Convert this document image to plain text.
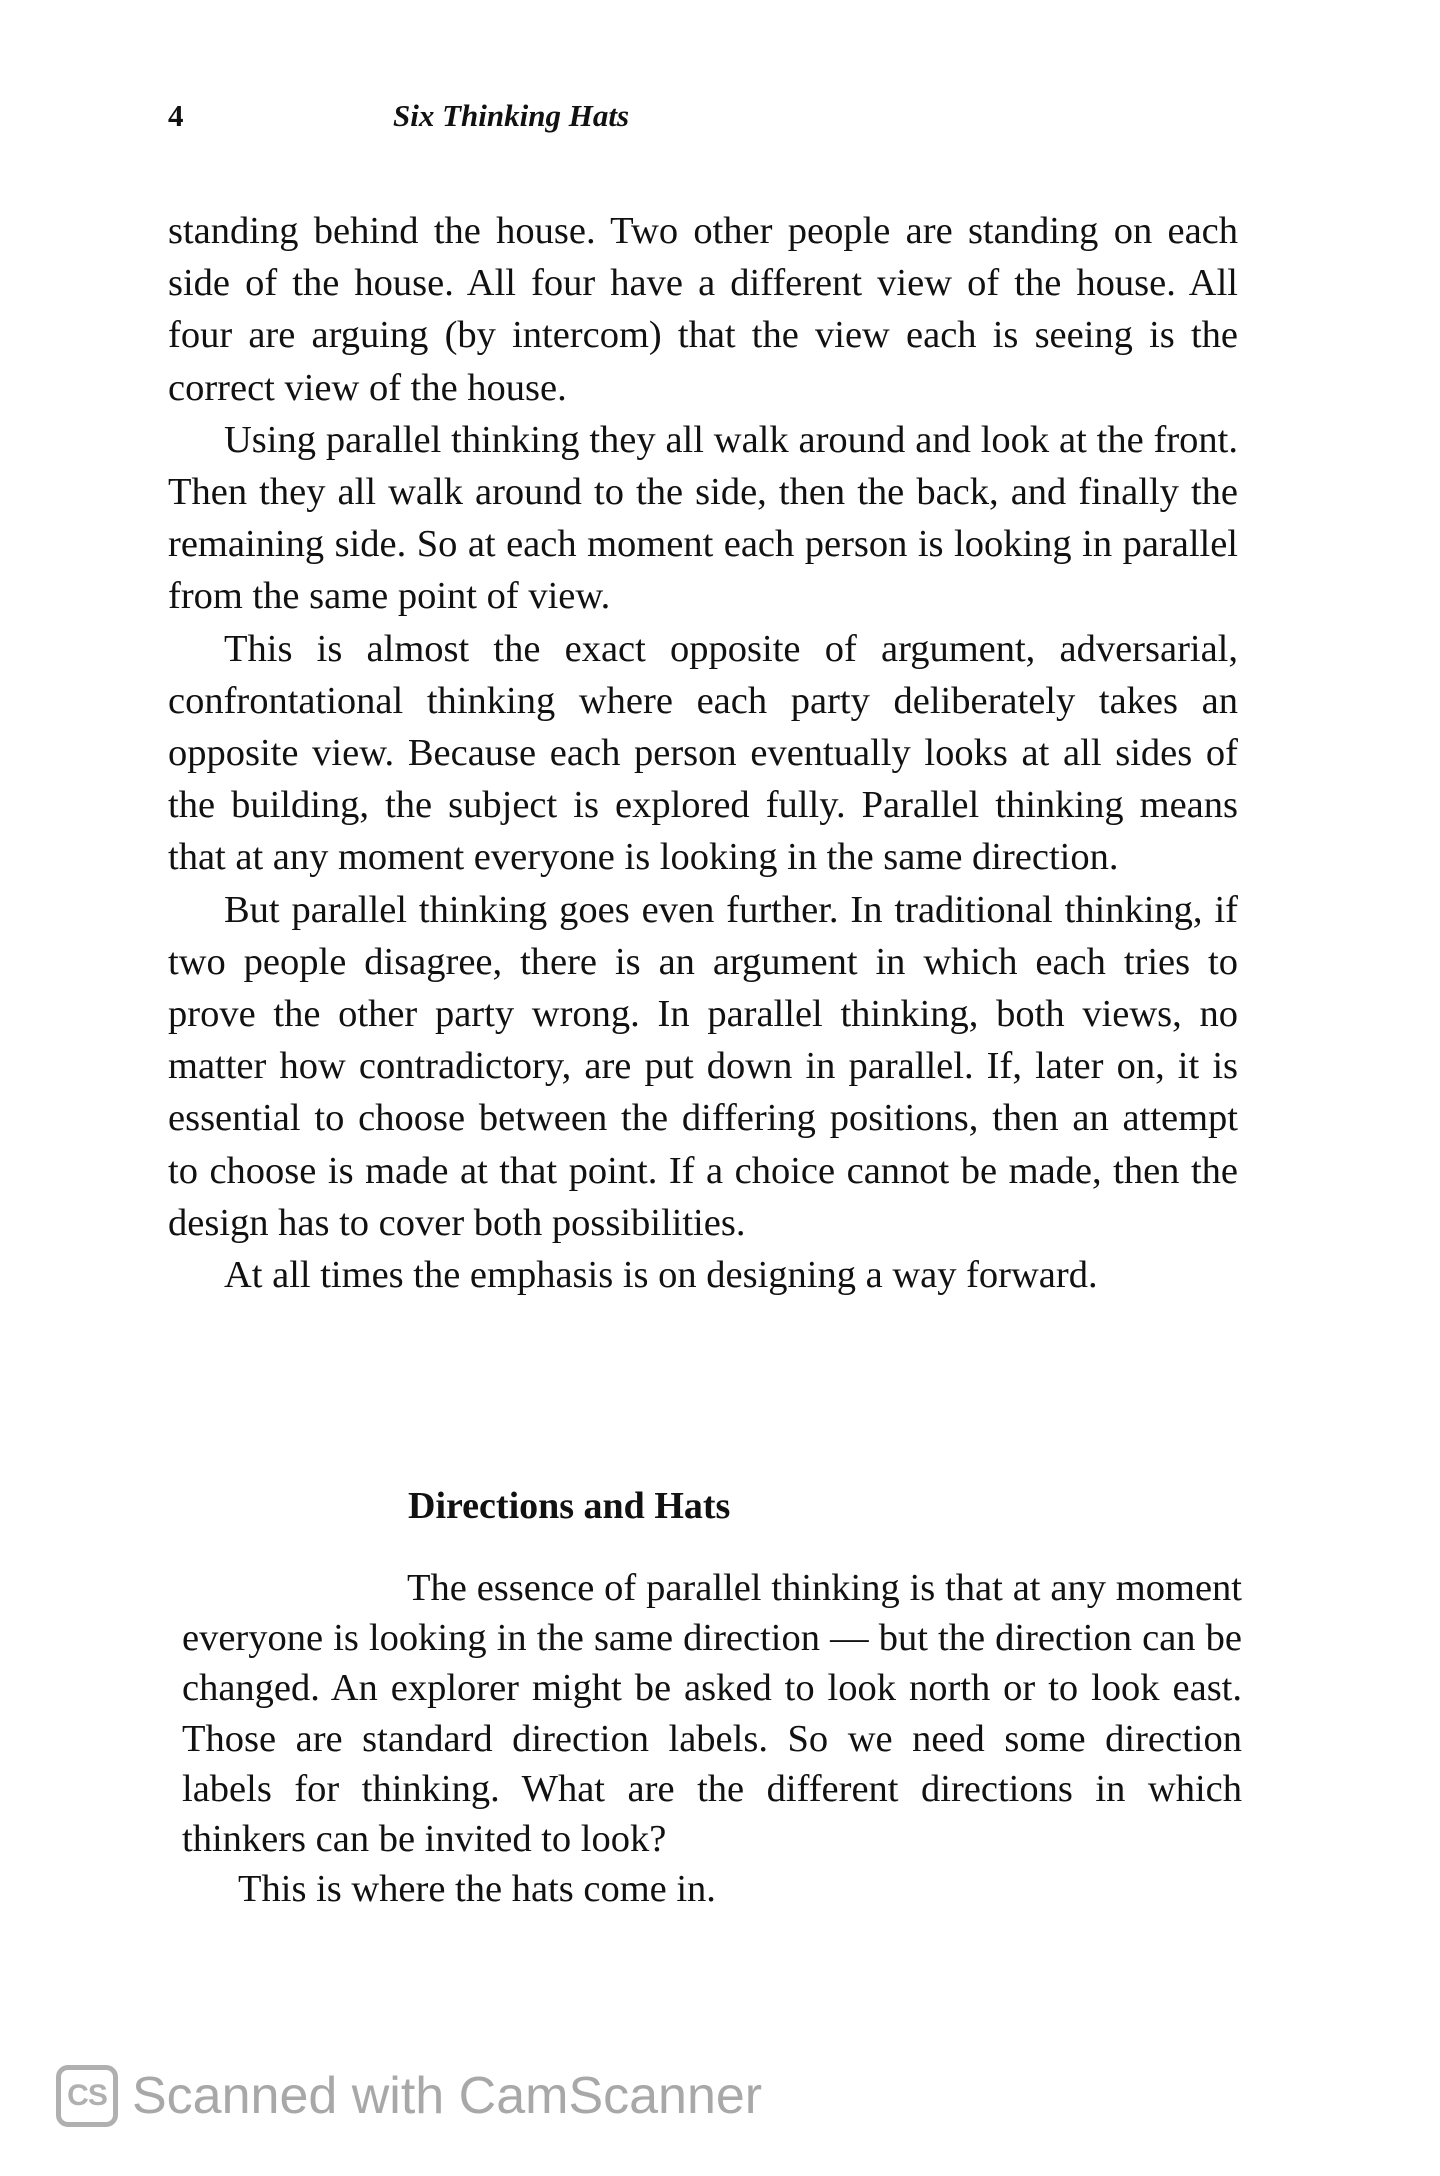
4	Six Thinking Hats

standing behind the house. Two other people are standing on each side of the house. All four have a different view of the house. All four are arguing (by intercom) that the view each is seeing is the correct view of the house.

Using parallel thinking they all walk around and look at the front. Then they all walk around to the side, then the back, and finally the remaining side. So at each moment each person is looking in parallel from the same point of view.

This is almost the exact opposite of argument, adversarial, confrontational thinking where each party deliberately takes an opposite view. Because each person eventually looks at all sides of the building, the subject is explored fully. Parallel thinking means that at any moment everyone is looking in the same direction.

But parallel thinking goes even further. In traditional thinking, if two people disagree, there is an argument in which each tries to prove the other party wrong. In parallel thinking, both views, no matter how contradictory, are put down in parallel. If, later on, it is essential to choose between the differing positions, then an attempt to choose is made at that point. If a choice cannot be made, then the design has to cover both possibilities.

At all times the emphasis is on designing a way forward.

Directions and Hats

The essence of parallel thinking is that at any moment everyone is looking in the same direction — but the direction can be changed. An explorer might be asked to look north or to look east. Those are standard direction labels. So we need some direction labels for thinking. What are the different directions in which thinkers can be invited to look?

This is where the hats come in.

CS Scanned with CamScanner
